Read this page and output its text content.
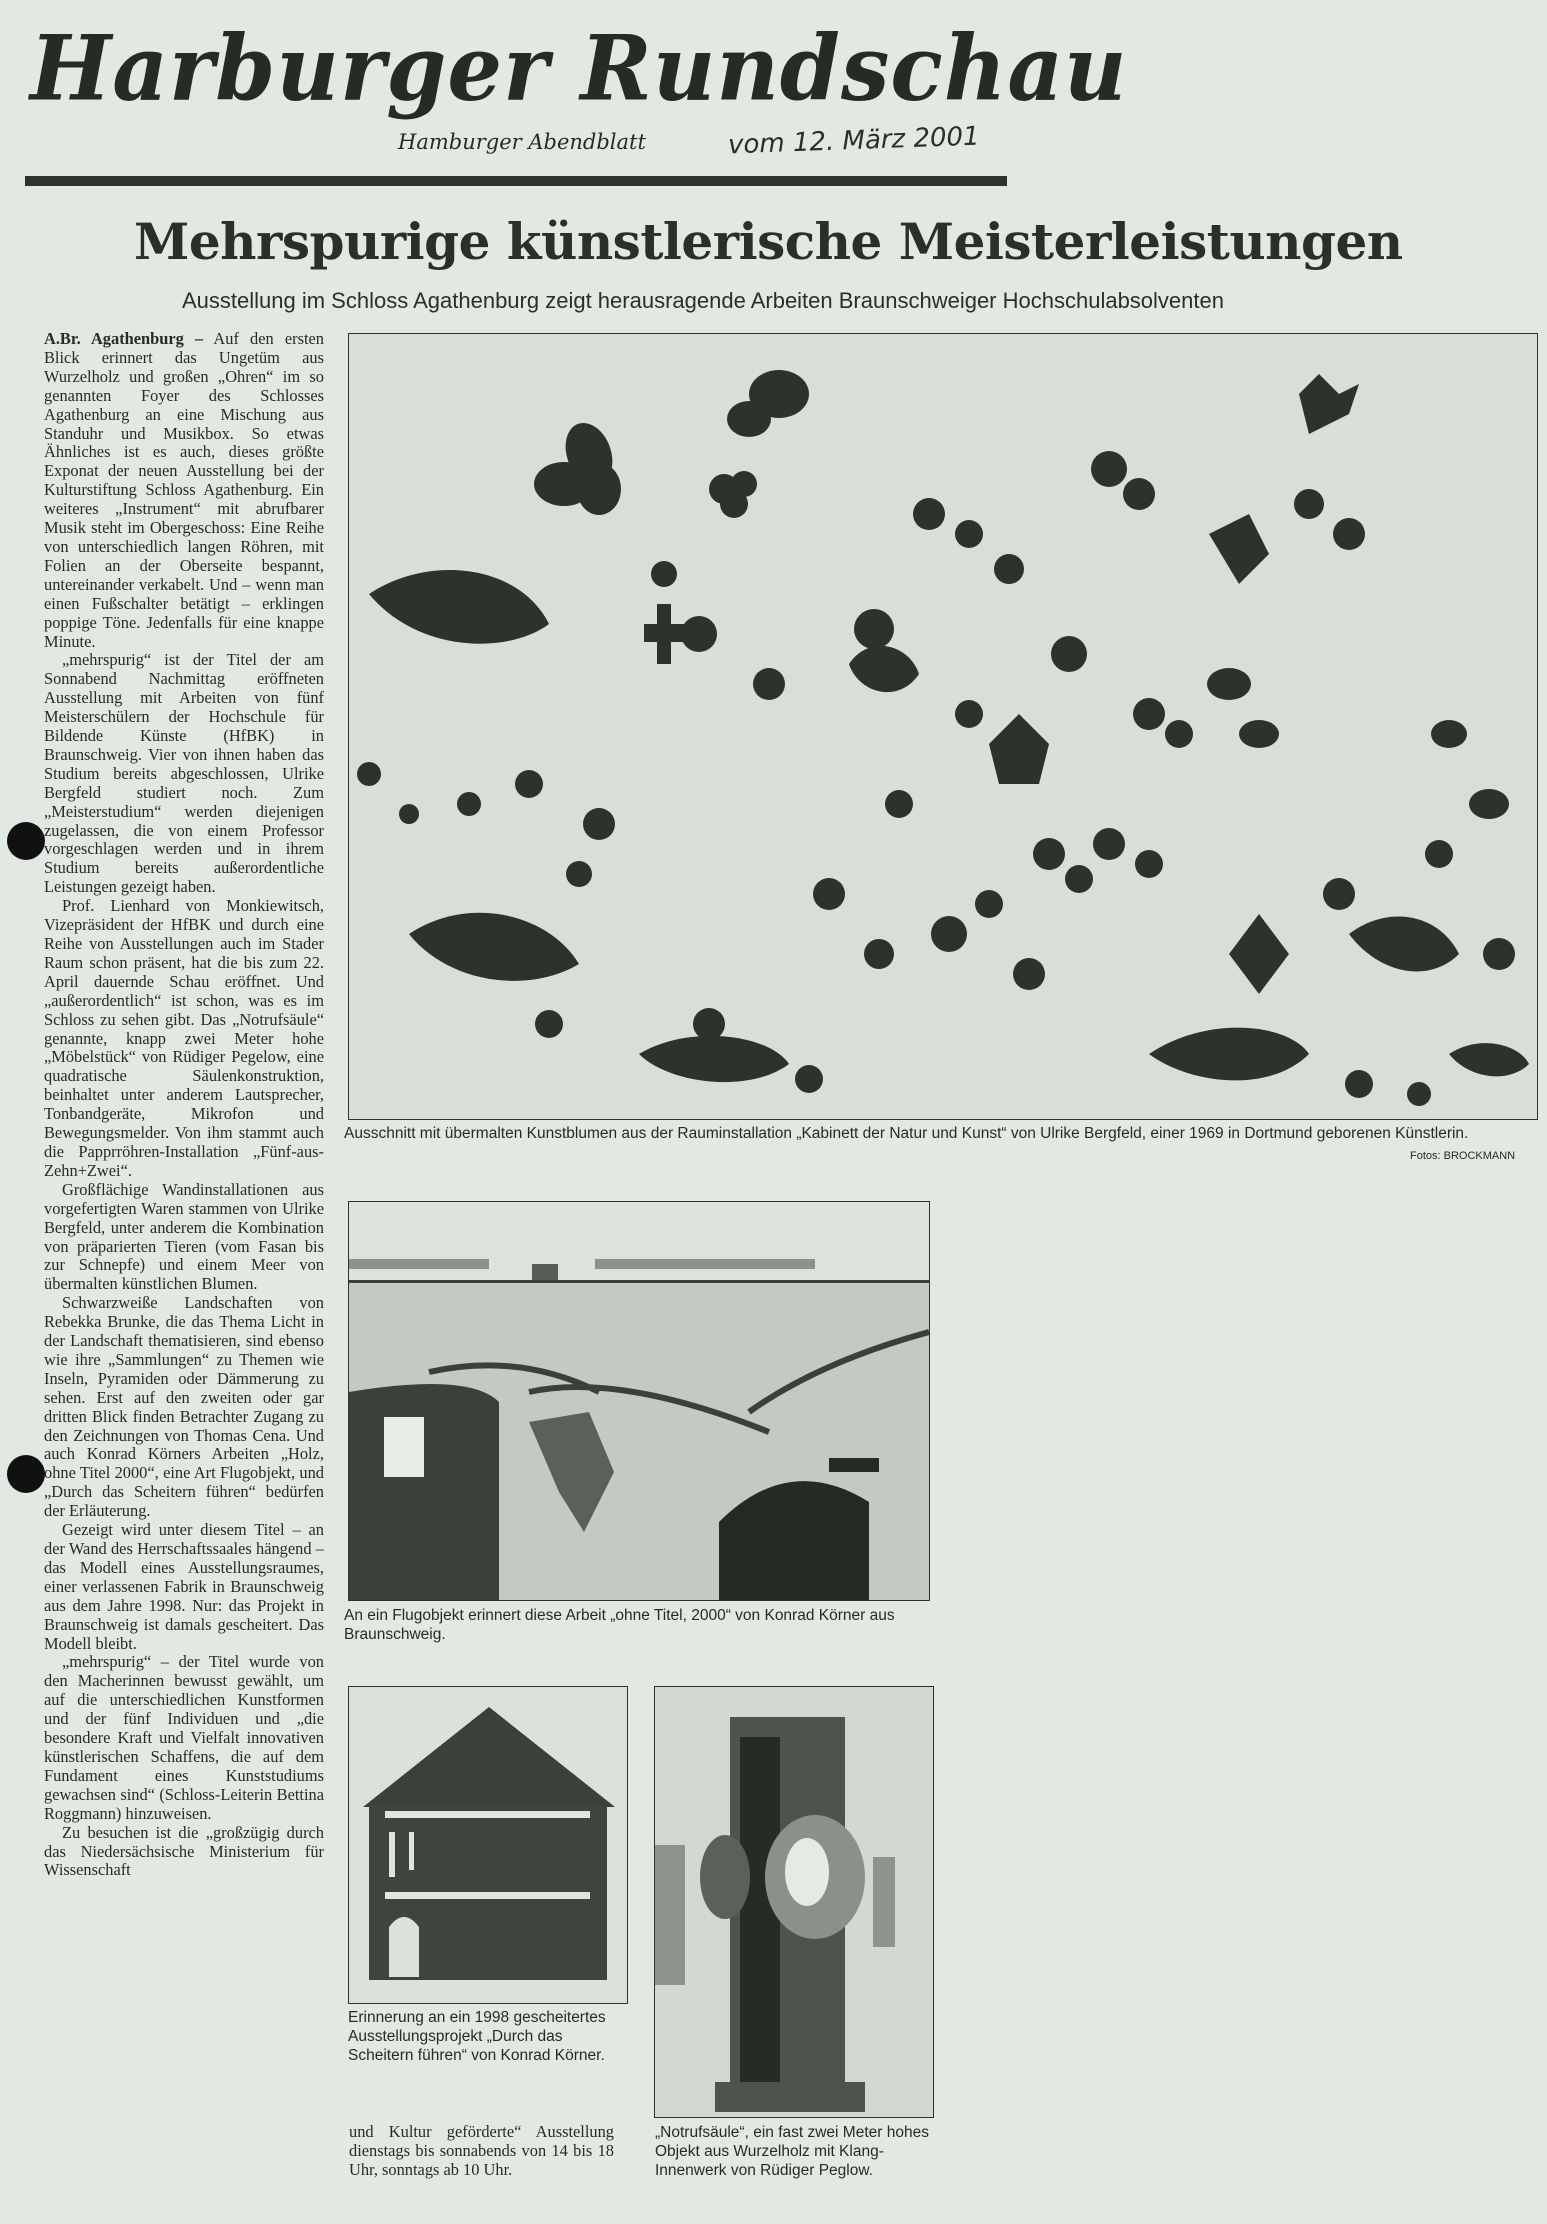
Harburger Rundschau
Hamburger Abendblatt	vom 12. März 2001
Mehrspurige künstlerische Meisterleistungen
Ausstellung im Schloss Agathenburg zeigt herausragende Arbeiten Braunschweiger Hochschulabsolventen

A.Br. Agathenburg – Auf den ersten Blick erinnert das Ungetüm aus Wurzelholz und großen „Ohren“ im so genannten Foyer des Schlosses Agathenburg an eine Mischung aus Standuhr und Musikbox. So etwas Ähnliches ist es auch, dieses größte Exponat der neuen Ausstellung bei der Kulturstiftung Schloss Agathenburg. Ein weiteres „Instrument“ mit abrufbarer Musik steht im Obergeschoss: Eine Reihe von unterschiedlich langen Röhren, mit Folien an der Oberseite bespannt, untereinander verkabelt. Und – wenn man einen Fußschalter betätigt – erklingen poppige Töne. Jedenfalls für eine knappe Minute.

„mehrspurig“ ist der Titel der am Sonnabend Nachmittag eröffneten Ausstellung mit Arbeiten von fünf Meisterschülern der Hochschule für Bildende Künste (HfBK) in Braunschweig. Vier von ihnen haben das Studium bereits abgeschlossen, Ulrike Bergfeld studiert noch. Zum „Meisterstudium“ werden diejenigen zugelassen, die von einem Professor vorgeschlagen werden und in ihrem Studium bereits außerordentliche Leistungen gezeigt haben.

Prof. Lienhard von Monkiewitsch, Vizepräsident der HfBK und durch eine Reihe von Ausstellungen auch im Stader Raum schon präsent, hat die bis zum 22. April dauernde Schau eröffnet. Und „außerordentlich“ ist schon, was es im Schloss zu sehen gibt. Das „Notrufsäule“ genannte, knapp zwei Meter hohe „Möbelstück“ von Rüdiger Pegelow, eine quadratische Säulenkonstruktion, beinhaltet unter anderem Lautsprecher, Tonbandgeräte, Mikrofon und Bewegungsmelder. Von ihm stammt auch die Papprröhren-Installation „Fünf-aus-Zehn+Zwei“.

Großflächige Wandinstallationen aus vorgefertigten Waren stammen von Ulrike Bergfeld, unter anderem die Kombination von präparierten Tieren (vom Fasan bis zur Schnepfe) und einem Meer von übermalten künstlichen Blumen.

Schwarzweiße Landschaften von Rebekka Brunke, die das Thema Licht in der Landschaft thematisieren, sind ebenso wie ihre „Sammlungen“ zu Themen wie Inseln, Pyramiden oder Dämmerung zu sehen. Erst auf den zweiten oder gar dritten Blick finden Betrachter Zugang zu den Zeichnungen von Thomas Cena. Und auch Konrad Körners Arbeiten „Holz, ohne Titel 2000“, eine Art Flugobjekt, und „Durch das Scheitern führen“ bedürfen der Erläuterung.

Gezeigt wird unter diesem Titel – an der Wand des Herrschaftssaales hängend – das Modell eines Ausstellungsraumes, einer verlassenen Fabrik in Braunschweig aus dem Jahre 1998. Nur: das Projekt in Braunschweig ist damals gescheitert. Das Modell bleibt.

„mehrspurig“ – der Titel wurde von den Macherinnen bewusst gewählt, um auf die unterschiedlichen Kunstformen und der fünf Individuen und „die besondere Kraft und Vielfalt innovativen künstlerischen Schaffens, die auf dem Fundament eines Kunststudiums gewachsen sind“ (Schloss-Leiterin Bettina Roggmann) hinzuweisen.

Zu besuchen ist die „großzügig durch das Niedersächsische Ministerium für Wissenschaft

und Kultur geförderte“ Ausstellung dienstags bis sonnabends von 14 bis 18 Uhr, sonntags ab 10 Uhr.
Ausschnitt mit übermalten Kunstblumen aus der Rauminstallation „Kabinett der Natur und Kunst“ von Ulrike Bergfeld, einer 1969 in Dortmund geborenen Künstlerin.
Fotos: BROCKMANN
An ein Flugobjekt erinnert diese Arbeit „ohne Titel, 2000“ von Konrad Körner aus Braunschweig.
Erinnerung an ein 1998 gescheitertes Ausstellungsprojekt „Durch das Scheitern führen“ von Konrad Körner.
„Notrufsäule“, ein fast zwei Meter hohes Objekt aus Wurzelholz mit Klang-Innenwerk von Rüdiger Peglow.
